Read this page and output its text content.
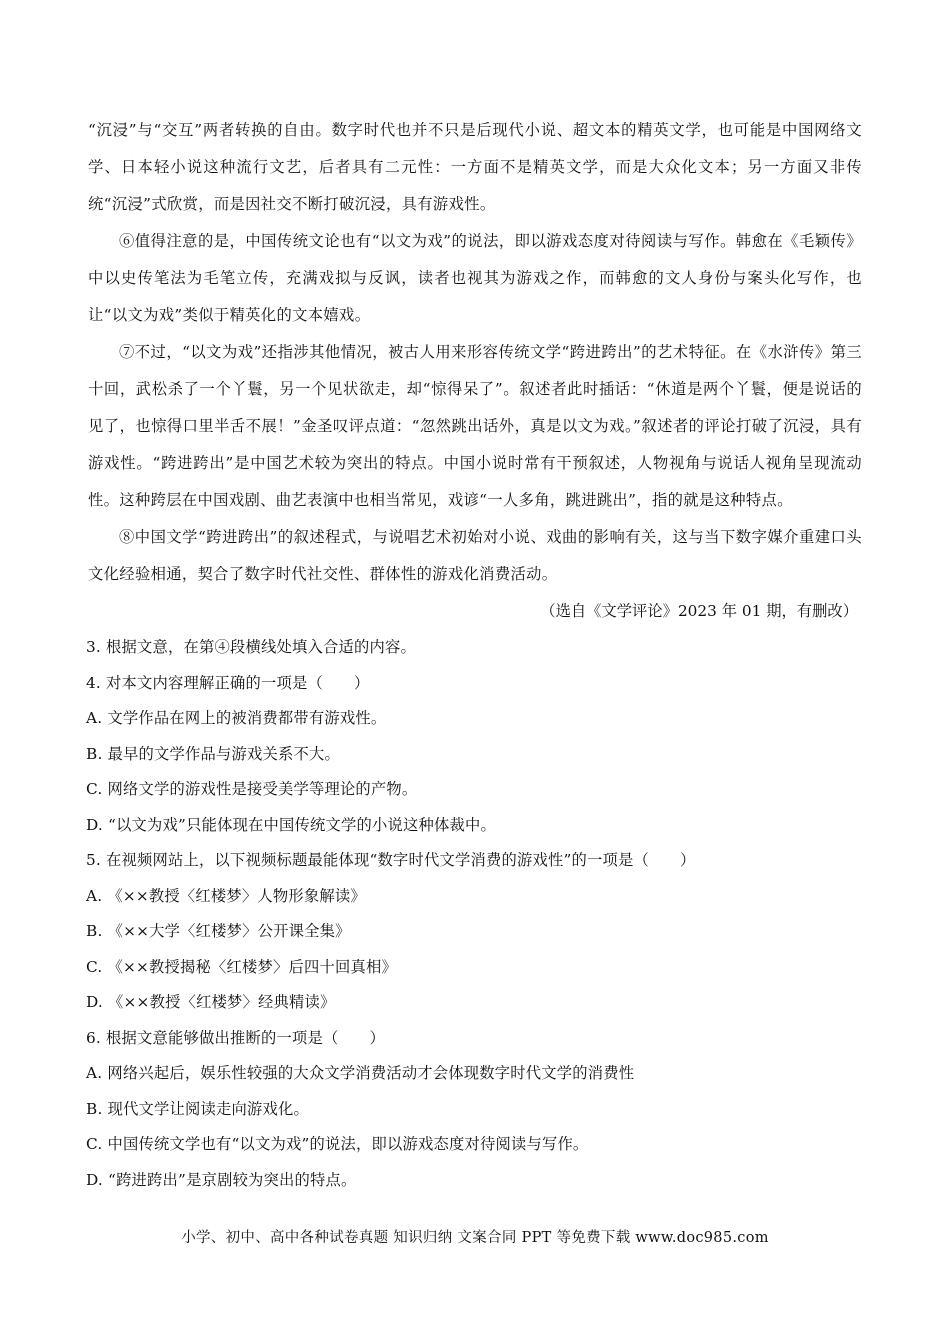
“沉浸”与“交互”两者转换的自由。数字时代也并不只是后现代小说、超文本的精英文学，也可能是中国网络文学、日本轻小说这种流行文艺，后者具有二元性：一方面不是精英文学，而是大众化文本；另一方面又非传统“沉浸”式欣赏，而是因社交不断打破沉浸，具有游戏性。

⑥值得注意的是，中国传统文论也有“以文为戏”的说法，即以游戏态度对待阅读与写作。韩愈在《毛颖传》中以史传笔法为毛笔立传，充满戏拟与反讽，读者也视其为游戏之作，而韩愈的文人身份与案头化写作，也让“以文为戏”类似于精英化的文本嬉戏。

⑦不过，“以文为戏”还指涉其他情况，被古人用来形容传统文学“跨进跨出”的艺术特征。在《水浒传》第三十回，武松杀了一个丫鬟，另一个见状欲走，却“惊得呆了”。叙述者此时插话：“休道是两个丫鬟，便是说话的见了，也惊得口里半舌不展！”金圣叹评点道：“忽然跳出话外，真是以文为戏。”叙述者的评论打破了沉浸，具有游戏性。“跨进跨出”是中国艺术较为突出的特点。中国小说时常有干预叙述，人物视角与说话人视角呈现流动性。这种跨层在中国戏剧、曲艺表演中也相当常见，戏谚“一人多角，跳进跳出”，指的就是这种特点。

⑧中国文学“跨进跨出”的叙述程式，与说唱艺术初始对小说、戏曲的影响有关，这与当下数字媒介重建口头文化经验相通，契合了数字时代社交性、群体性的游戏化消费活动。

（选自《文学评论》2023 年 01 期，有删改）

3. 根据文意，在第④段横线处填入合适的内容。

4. 对本文内容理解正确的一项是（　　）

A. 文学作品在网上的被消费都带有游戏性。

B. 最早的文学作品与游戏关系不大。

C. 网络文学的游戏性是接受美学等理论的产物。

D. “以文为戏”只能体现在中国传统文学的小说这种体裁中。

5. 在视频网站上，以下视频标题最能体现“数字时代文学消费的游戏性”的一项是（　　）

A. 《××教授〈红楼梦〉人物形象解读》

B. 《××大学〈红楼梦〉公开课全集》

C. 《××教授揭秘〈红楼梦〉后四十回真相》

D. 《××教授〈红楼梦〉经典精读》

6. 根据文意能够做出推断的一项是（　　）

A. 网络兴起后，娱乐性较强的大众文学消费活动才会体现数字时代文学的消费性

B. 现代文学让阅读走向游戏化。

C. 中国传统文学也有“以文为戏”的说法，即以游戏态度对待阅读与写作。

D. “跨进跨出”是京剧较为突出的特点。

小学、初中、高中各种试卷真题 知识归纳 文案合同 PPT 等免费下载 www.doc985.com
